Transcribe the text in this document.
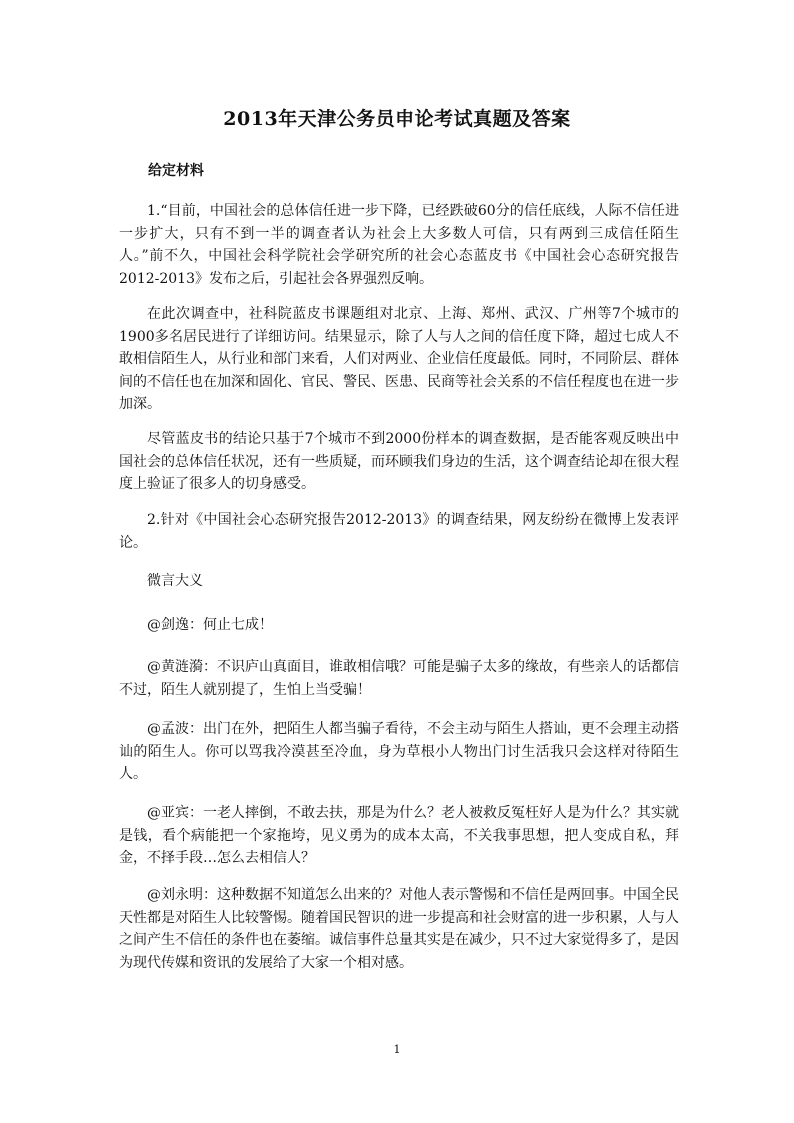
2013年天津公务员申论考试真题及答案
给定材料

1.“目前，中国社会的总体信任进一步下降，已经跌破60分的信任底线，人际不信任进一步扩大，只有不到一半的调查者认为社会上大多数人可信，只有两到三成信任陌生人。”前不久，中国社会科学院社会学研究所的社会心态蓝皮书《中国社会心态研究报告2012-2013》发布之后，引起社会各界强烈反响。

在此次调查中，社科院蓝皮书课题组对北京、上海、郑州、武汉、广州等7个城市的1900多名居民进行了详细访问。结果显示，除了人与人之间的信任度下降，超过七成人不敢相信陌生人，从行业和部门来看，人们对两业、企业信任度最低。同时，不同阶层、群体间的不信任也在加深和固化、官民、警民、医患、民商等社会关系的不信任程度也在进一步加深。

尽管蓝皮书的结论只基于7个城市不到2000份样本的调查数据，是否能客观反映出中国社会的总体信任状况，还有一些质疑，而环顾我们身边的生活，这个调查结论却在很大程度上验证了很多人的切身感受。

2.针对《中国社会心态研究报告2012-2013》的调查结果，网友纷纷在微博上发表评论。

微言大义

@剑逸：何止七成！

@黄涟漪：不识庐山真面目，谁敢相信哦？可能是骗子太多的缘故，有些亲人的话都信不过，陌生人就别提了，生怕上当受骗！

@孟波：出门在外，把陌生人都当骗子看待，不会主动与陌生人搭讪，更不会理主动搭讪的陌生人。你可以骂我冷漠甚至冷血，身为草根小人物出门讨生活我只会这样对待陌生人。

@亚宾：一老人摔倒，不敢去扶，那是为什么？老人被救反冤枉好人是为什么？其实就是钱，看个病能把一个家拖垮，见义勇为的成本太高，不关我事思想，把人变成自私，拜金，不择手段…怎么去相信人？

@刘永明：这种数据不知道怎么出来的？对他人表示警惕和不信任是两回事。中国全民天性都是对陌生人比较警惕。随着国民智识的进一步提高和社会财富的进一步积累，人与人之间产生不信任的条件也在萎缩。诚信事件总量其实是在减少，只不过大家觉得多了，是因为现代传媒和资讯的发展给了大家一个相对感。

1
